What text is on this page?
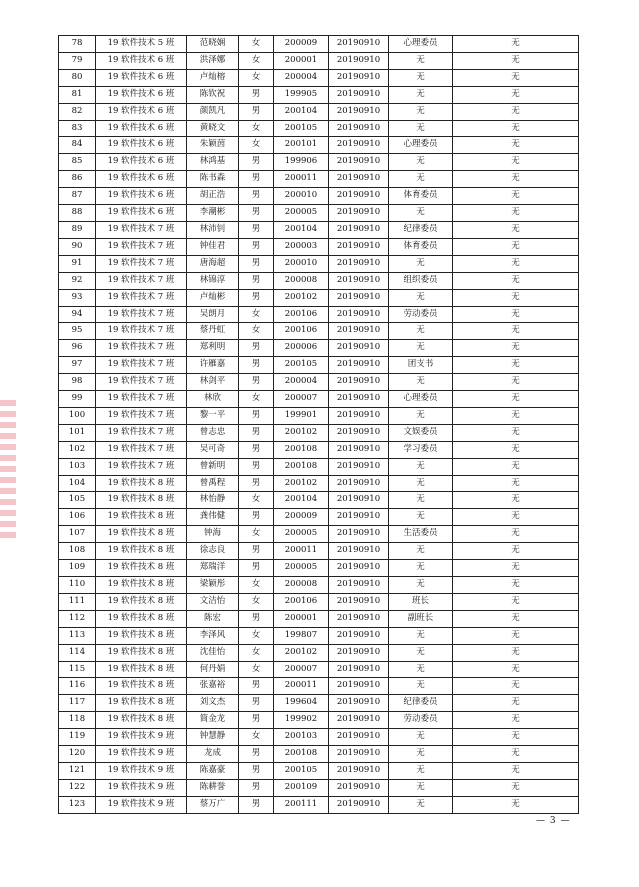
78	19 软件技术 5 班	范晓娴	女	200009	20190910	心理委员	无
79	19 软件技术 6 班	洪泽娜	女	200001	20190910	无	无
80	19 软件技术 6 班	卢灿榕	女	200004	20190910	无	无
81	19 软件技术 6 班	陈钦祝	男	199905	20190910	无	无
82	19 软件技术 6 班	颜凯凡	男	200104	20190910	无	无
83	19 软件技术 6 班	黄晓文	女	200105	20190910	无	无
84	19 软件技术 6 班	朱颖茵	女	200101	20190910	心理委员	无
85	19 软件技术 6 班	林鸿基	男	199906	20190910	无	无
86	19 软件技术 6 班	陈书森	男	200011	20190910	无	无
87	19 软件技术 6 班	胡正浩	男	200010	20190910	体育委员	无
88	19 软件技术 6 班	李潮彬	男	200005	20190910	无	无
89	19 软件技术 7 班	林沛钊	男	200104	20190910	纪律委员	无
90	19 软件技术 7 班	钟佳君	男	200003	20190910	体育委员	无
91	19 软件技术 7 班	唐海超	男	200010	20190910	无	无
92	19 软件技术 7 班	林锦淳	男	200008	20190910	组织委员	无
93	19 软件技术 7 班	卢灿彬	男	200102	20190910	无	无
94	19 软件技术 7 班	吴朗月	女	200106	20190910	劳动委员	无
95	19 软件技术 7 班	蔡丹虹	女	200106	20190910	无	无
96	19 软件技术 7 班	郑利明	男	200006	20190910	无	无
97	19 软件技术 7 班	许雁嘉	男	200105	20190910	团支书	无
98	19 软件技术 7 班	林剑平	男	200004	20190910	无	无
99	19 软件技术 7 班	林欣	女	200007	20190910	心理委员	无
100	19 软件技术 7 班	黎一平	男	199901	20190910	无	无
101	19 软件技术 7 班	曾志忠	男	200102	20190910	文娱委员	无
102	19 软件技术 7 班	吴可奇	男	200108	20190910	学习委员	无
103	19 软件技术 7 班	曾新明	男	200108	20190910	无	无
104	19 软件技术 8 班	曾禹程	男	200102	20190910	无	无
105	19 软件技术 8 班	林怡静	女	200104	20190910	无	无
106	19 软件技术 8 班	龚伟健	男	200009	20190910	无	无
107	19 软件技术 8 班	钟海	女	200005	20190910	生活委员	无
108	19 软件技术 8 班	徐志良	男	200011	20190910	无	无
109	19 软件技术 8 班	郑瑞洋	男	200005	20190910	无	无
110	19 软件技术 8 班	梁颖彤	女	200008	20190910	无	无
111	19 软件技术 8 班	文洁怡	女	200106	20190910	班长	无
112	19 软件技术 8 班	陈宏	男	200001	20190910	副班长	无
113	19 软件技术 8 班	李泽风	女	199807	20190910	无	无
114	19 软件技术 8 班	沈佳怡	女	200102	20190910	无	无
115	19 软件技术 8 班	何丹娟	女	200007	20190910	无	无
116	19 软件技术 8 班	张嘉裕	男	200011	20190910	无	无
117	19 软件技术 8 班	刘文杰	男	199604	20190910	纪律委员	无
118	19 软件技术 8 班	简金龙	男	199902	20190910	劳动委员	无
119	19 软件技术 9 班	钟慧静	女	200103	20190910	无	无
120	19 软件技术 9 班	龙成	男	200108	20190910	无	无
121	19 软件技术 9 班	陈嘉豪	男	200105	20190910	无	无
122	19 软件技术 9 班	陈耕誉	男	200109	20190910	无	无
123	19 软件技术 9 班	蔡万广	男	200111	20190910	无	无
— 3 —
